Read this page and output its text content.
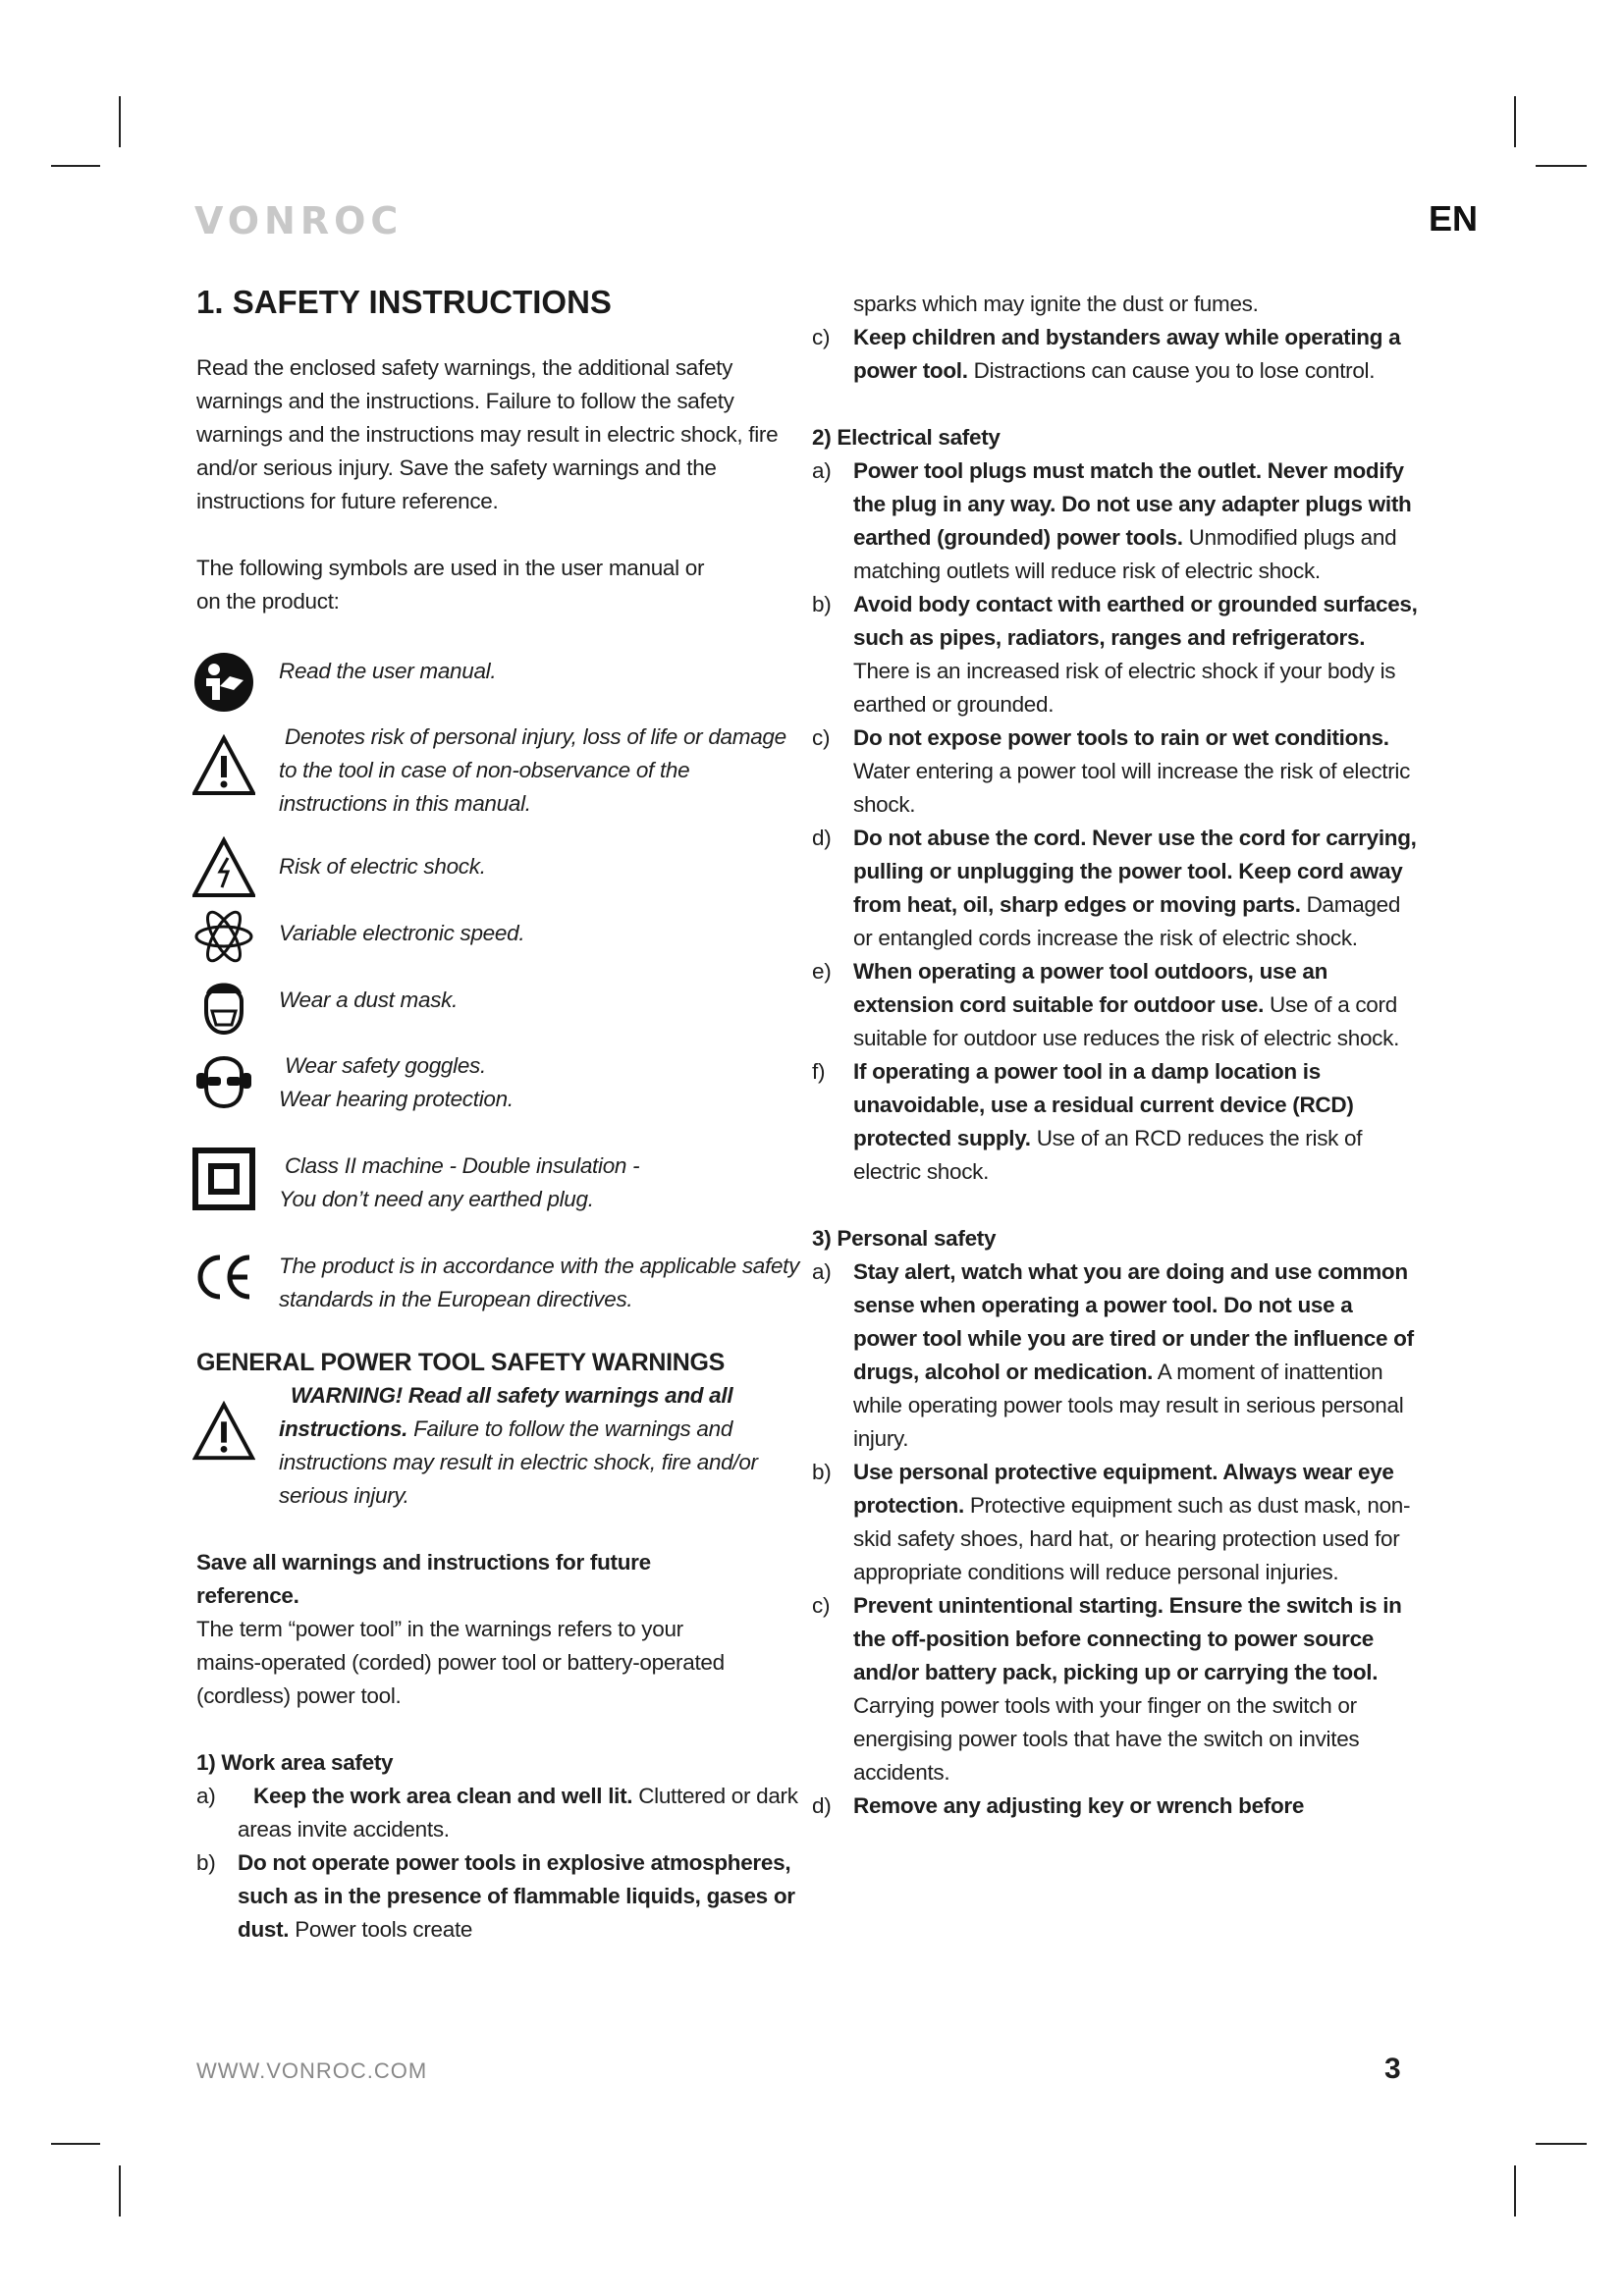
VONROC	EN
1. SAFETY INSTRUCTIONS
Read the enclosed safety warnings, the additional safety warnings and the instructions. Failure to follow the safety warnings and the instructions may result in electric shock, fire and/or serious injury. Save the safety warnings and the instructions for future reference.
The following symbols are used in the user manual or on the product:
Read the user manual.
Denotes risk of personal injury, loss of life or damage to the tool in case of non-observance of the instructions in this manual.
Risk of electric shock.
Variable electronic speed.
Wear a dust mask.
Wear safety goggles.
Wear hearing protection.
Class II machine - Double insulation -
You don’t need any earthed plug.
The product is in accordance with the applicable safety standards in the European directives.
GENERAL POWER TOOL SAFETY WARNINGS
WARNING! Read all safety warnings and all instructions. Failure to follow the warnings and instructions may result in electric shock, fire and/or serious injury.
Save all warnings and instructions for future reference.
The term “power tool” in the warnings refers to your mains-operated (corded) power tool or battery-operated (cordless) power tool.
1) Work area safety
a) Keep the work area clean and well lit. Cluttered or dark areas invite accidents.
b) Do not operate power tools in explosive atmospheres, such as in the presence of flammable liquids, gases or dust. Power tools create
sparks which may ignite the dust or fumes.
c) Keep children and bystanders away while operating a power tool. Distractions can cause you to lose control.
2) Electrical safety
a) Power tool plugs must match the outlet. Never modify the plug in any way. Do not use any adapter plugs with earthed (grounded) power tools. Unmodified plugs and matching outlets will reduce risk of electric shock.
b) Avoid body contact with earthed or grounded surfaces, such as pipes, radiators, ranges and refrigerators. There is an increased risk of electric shock if your body is earthed or grounded.
c) Do not expose power tools to rain or wet conditions. Water entering a power tool will increase the risk of electric shock.
d) Do not abuse the cord. Never use the cord for carrying, pulling or unplugging the power tool. Keep cord away from heat, oil, sharp edges or moving parts. Damaged or entangled cords increase the risk of electric shock.
e) When operating a power tool outdoors, use an extension cord suitable for outdoor use. Use of a cord suitable for outdoor use reduces the risk of electric shock.
f) If operating a power tool in a damp location is unavoidable, use a residual current device (RCD) protected supply. Use of an RCD reduces the risk of electric shock.
3) Personal safety
a) Stay alert, watch what you are doing and use common sense when operating a power tool. Do not use a power tool while you are tired or under the influence of drugs, alcohol or medication. A moment of inattention while operating power tools may result in serious personal injury.
b) Use personal protective equipment. Always wear eye protection. Protective equipment such as dust mask, non-skid safety shoes, hard hat, or hearing protection used for appropriate conditions will reduce personal injuries.
c) Prevent unintentional starting. Ensure the switch is in the off-position before connecting to power source and/or battery pack, picking up or carrying the tool. Carrying power tools with your finger on the switch or energising power tools that have the switch on invites accidents.
d) Remove any adjusting key or wrench before
WWW.VONROC.COM	3
